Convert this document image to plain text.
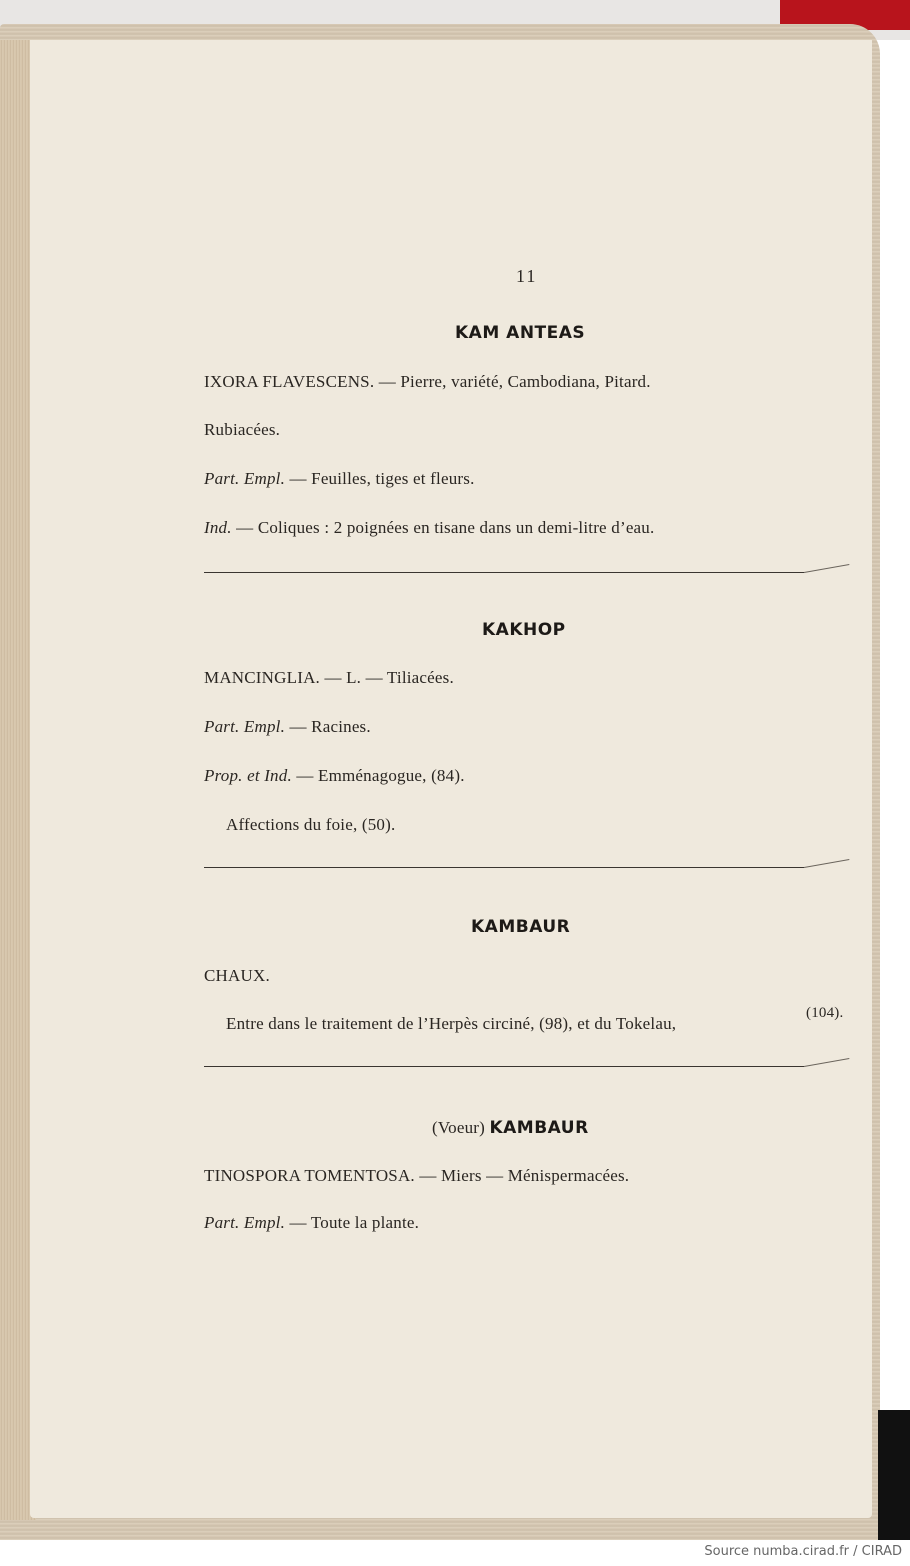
11
KAM ANTEAS
IXORA FLAVESCENS. — Pierre, variété, Cambodiana, Pitard.
Rubiacées.
Part. Empl. — Feuilles, tiges et fleurs.
Ind. — Coliques : 2 poignées en tisane dans un demi-litre d’eau.
KAKHOP
MANCINGLIA. — L. — Tiliacées.
Part. Empl. — Racines.
Prop. et Ind. — Emménagogue, (84).
Affections du foie, (50).
KAMBAUR
CHAUX.
Entre dans le traitement de l’Herpès circiné, (98), et du Tokelau,
(104).
(Voeur) KAMBAUR
TINOSPORA TOMENTOSA. — Miers — Ménispermacées.
Part. Empl. — Toute la plante.
Source numba.cirad.fr / CIRAD
